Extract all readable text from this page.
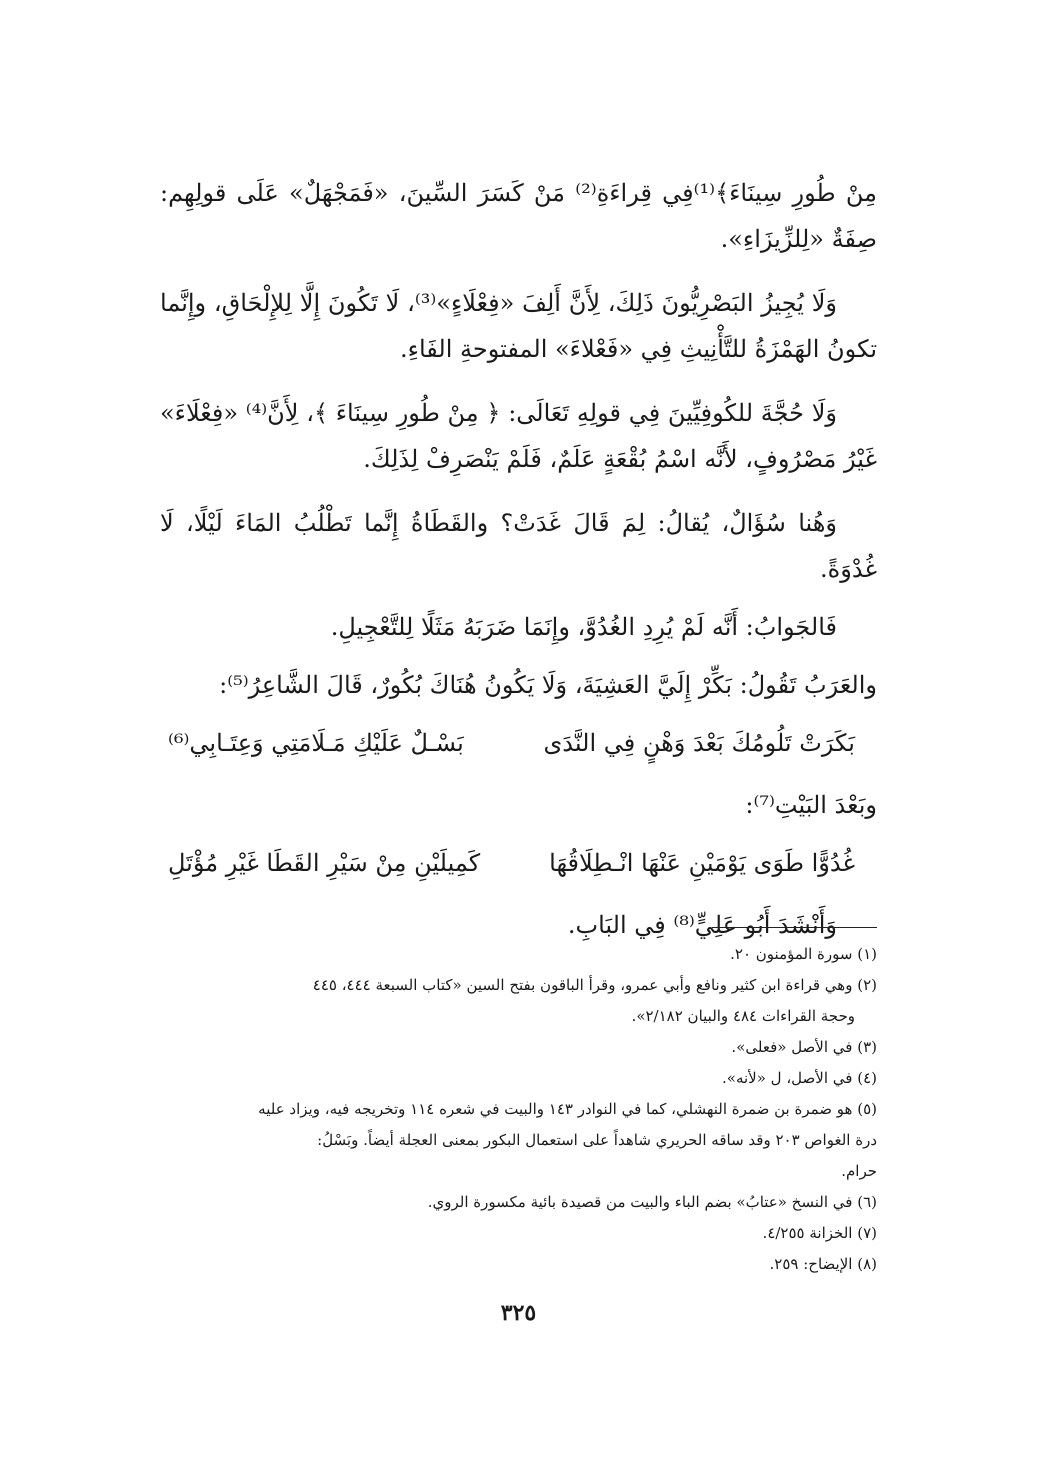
مِنْ طُورِ سِينَاءَ﴾⁽¹⁾فِي قِراءَةِ⁽²⁾ مَنْ كَسَرَ السِّينَ، «فَمَجْهَلٌ» عَلَى قولِهِم: صِفَةٌ «لِلزِّيزَاءِ».

وَلَا يُجِيزُ البَصْرِيُّونَ ذَلِكَ، لِأَنَّ أَلِفَ «فِعْلَاءٍ»⁽³⁾، لَا تَكُونَ إِلَّا لِلإِلْحَاقِ، وإِنَّما تكونُ الهَمْزَةُ للتَّأْنِيثِ فِي «فَعْلاءَ» المفتوحةِ الفَاءِ.

وَلَا حُجَّةَ للكُوفِيِّينَ فِي قولِهِ تَعَالَى: ﴿ مِنْ طُورِ سِينَاءَ ﴾، لِأَنَّ⁽⁴⁾ «فِعْلَاءَ» غَيْرُ مَصْرُوفٍ، لأَنَّه اسْمُ بُقْعَةٍ عَلَمٌ، فَلَمْ يَنْصَرِفْ لِذَلِكَ.

وَهُنا سُؤَالٌ، يُقالُ: لِمَ قَالَ غَدَتْ؟ والقَطَاةُ إِنَّما تَطْلُبُ المَاءَ لَيْلًا، لَا غُدْوَةً.

فَالجَوابُ: أَنَّه لَمْ يُرِدِ الغُدُوَّ، وإِنَمَا ضَرَبَهُ مَثَلًا لِلتَّعْجِيلِ.

والعَرَبُ تَقُولُ: بَكِّرْ إِلَيَّ العَشِيَةَ، وَلَا يَكُونُ هُنَاكَ بُكُورٌ، قَالَ الشَّاعِرُ⁽⁵⁾:

بَكَرَتْ تَلُومُكَ بَعْدَ وَهْنٍ فِي النَّدَى
بَسْـلٌ عَلَيْكِ مَـلَامَتِي وَعِتَـابِي⁽⁶⁾

وبَعْدَ البَيْتِ⁽⁷⁾:

غُدُوًّا طَوَى يَوْمَيْنِ عَنْهَا انْـطِلَاقُهَا
كَمِيلَيْنِ مِنْ سَيْرِ القَطَا غَيْرِ مُؤْتَلِ

وَأَنْشَدَ أَبُو عَلِيٍّ⁽⁸⁾ فِي البَابِ.

(١) سورة المؤمنون ٢٠.

(٢) وهي قراءة ابن كثير ونافع وأبي عمرو، وقرأ الباقون بفتح السين «كتاب السبعة ٤٤٤، ٤٤٥

وحجة القراءات ٤٨٤ والبيان ٢/١٨٢».

(٣) في الأصل «فعلى».

(٤) في الأصل، ل «لأنه».

(٥) هو ضمرة بن ضمرة النهشلي، كما في النوادر ١٤٣ والبيت في شعره ١١٤ وتخريجه فيه، ويزاد عليه

درة الغواص ٢٠٣ وقد ساقه الحريري شاهداً على استعمال البكور بمعنى العجلة أيضاً. وبَسْلُ:

حرام.

(٦) في النسخ «عتابُ» بضم الباء والبيت من قصيدة بائية مكسورة الروي.

(٧) الخزانة ٤/٢٥٥.

(٨) الإيضاح: ٢٥٩.

٣٢٥
